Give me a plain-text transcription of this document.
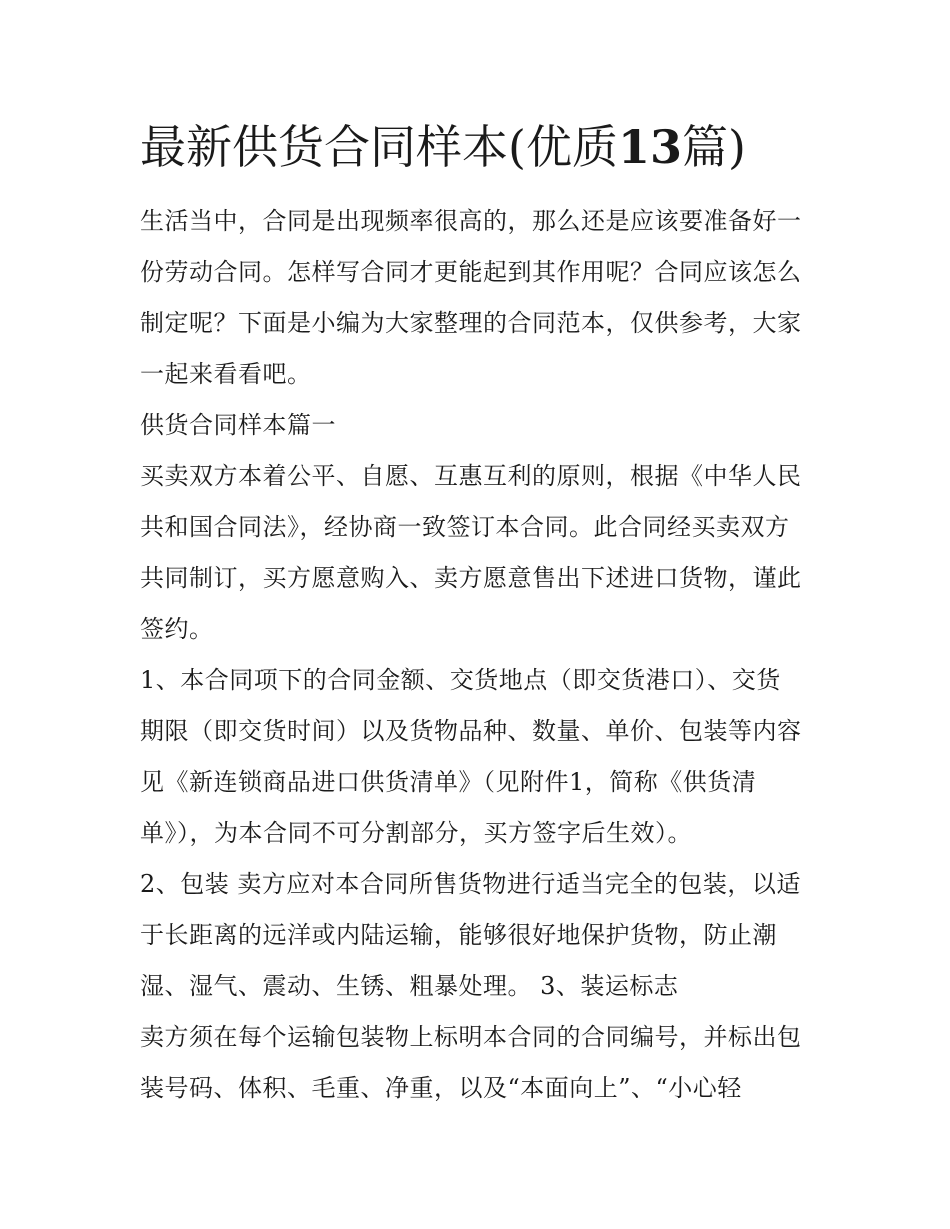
最新供货合同样本(优质13篇)

生活当中，合同是出现频率很高的，那么还是应该要准备好一
份劳动合同。怎样写合同才更能起到其作用呢？合同应该怎么
制定呢？下面是小编为大家整理的合同范本，仅供参考，大家
一起来看看吧。
供货合同样本篇一
买卖双方本着公平、自愿、互惠互利的原则，根据《中华人民
共和国合同法》，经协商一致签订本合同。此合同经买卖双方
共同制订，买方愿意购入、卖方愿意售出下述进口货物，谨此
签约。
1、本合同项下的合同金额、交货地点（即交货港口）、交货
期限（即交货时间）以及货物品种、数量、单价、包装等内容
见《新连锁商品进口供货清单》（见附件1，简称《供货清
单》），为本合同不可分割部分，买方签字后生效）。
2、包装 卖方应对本合同所售货物进行适当完全的包装，以适
于长距离的远洋或内陆运输，能够很好地保护货物，防止潮
湿、湿气、震动、生锈、粗暴处理。 3、装运标志
卖方须在每个运输包装物上标明本合同的合同编号，并标出包
装号码、体积、毛重、净重，以及“本面向上”、“小心轻
